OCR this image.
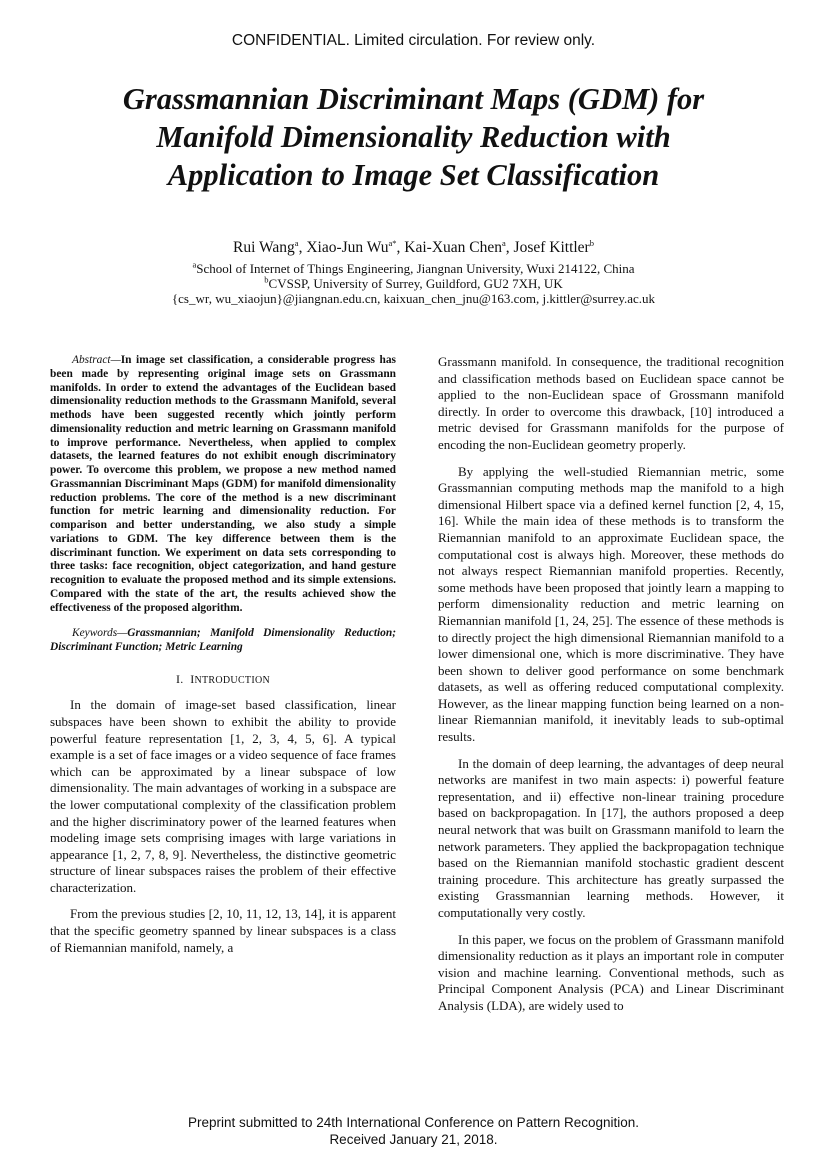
CONFIDENTIAL. Limited circulation. For review only.
Grassmannian Discriminant Maps (GDM) for
Manifold Dimensionality Reduction with
Application to Image Set Classification
Rui Wang$^a$, Xiao-Jun $Wu^{a*}$, Kai-Xuan Chen$^a$, Josef Kittler$^b$
$^a$School of Internet of Things Engineering, Jiangnan University, Wuxi 214122, China
$^b$CVSSP, University of Surrey, Guildford, GU2 7XH, UK
{cs_wr, wu_xiaojun}@jiangnan.edu.cn, kaixuan_chen_jnu@163.com, j.kittler@surrey.ac.uk

Abstract—In image set classification, a considerable progress has been made by representing original image sets on Grassmann manifolds. In order to extend the advantages of the Euclidean based dimensionality reduction methods to the Grassmann Manifold, several methods have been suggested recently which jointly perform dimensionality reduction and metric learning on Grassmann manifold to improve performance. Nevertheless, when applied to complex datasets, the learned features do not exhibit enough discriminatory power. To overcome this problem, we propose a new method named Grassmannian Discriminant Maps (GDM) for manifold dimensionality reduction problems. The core of the method is a new discriminant function for metric learning and dimensionality reduction. For comparison and better understanding, we also study a simple variations to GDM. The key difference between them is the discriminant function. We experiment on data sets corresponding to three tasks: face recognition, object categorization, and hand gesture recognition to evaluate the proposed method and its simple extensions. Compared with the state of the art, the results achieved show the effectiveness of the proposed algorithm.

Keywords—Grassmannian; Manifold Dimensionality Reduction; Discriminant Function; Metric Learning

I. INTRODUCTION

In the domain of image-set based classification, linear subspaces have been shown to exhibit the ability to provide powerful feature representation [1, 2, 3, 4, 5, 6]. A typical example is a set of face images or a video sequence of face frames which can be approximated by a linear subspace of low dimensionality. The main advantages of working in a subspace are the lower computational complexity of the classification problem and the higher discriminatory power of the learned features when modeling image sets comprising images with large variations in appearance [1, 2, 7, 8, 9]. Nevertheless, the distinctive geometric structure of linear subspaces raises the problem of their effective characterization.

From the previous studies [2, 10, 11, 12, 13, 14], it is apparent that the specific geometry spanned by linear subspaces is a class of Riemannian manifold, namely, a

Grassmann manifold. In consequence, the traditional recognition and classification methods based on Euclidean space cannot be applied to the non-Euclidean space of Grossmann manifold directly. In order to overcome this drawback, [10] introduced a metric devised for Grassmann manifolds for the purpose of encoding the non-Euclidean geometry properly.

By applying the well-studied Riemannian metric, some Grassmannian computing methods map the manifold to a high dimensional Hilbert space via a defined kernel function [2, 4, 15, 16]. While the main idea of these methods is to transform the Riemannian manifold to an approximate Euclidean space, the computational cost is always high. Moreover, these methods do not always respect Riemannian manifold properties. Recently, some methods have been proposed that jointly learn a mapping to perform dimensionality reduction and metric learning on Riemannian manifold [1, 24, 25]. The essence of these methods is to directly project the high dimensional Riemannian manifold to a lower dimensional one, which is more discriminative. They have been shown to deliver good performance on some benchmark datasets, as well as offering reduced computational complexity. However, as the linear mapping function being learned on a non-linear Riemannian manifold, it inevitably leads to sub-optimal results.

In the domain of deep learning, the advantages of deep neural networks are manifest in two main aspects: i) powerful feature representation, and ii) effective non-linear training procedure based on backpropagation. In [17], the authors proposed a deep neural network that was built on Grassmann manifold to learn the network parameters. They applied the backpropagation technique based on the Riemannian manifold stochastic gradient descent training procedure. This architecture has greatly surpassed the existing Grassmannian learning methods. However, it computationally very costly.

In this paper, we focus on the problem of Grassmann manifold dimensionality reduction as it plays an important role in computer vision and machine learning. Conventional methods, such as Principal Component Analysis (PCA) and Linear Discriminant Analysis (LDA), are widely used to

Preprint submitted to 24th International Conference on Pattern Recognition.
Received January 21, 2018.
